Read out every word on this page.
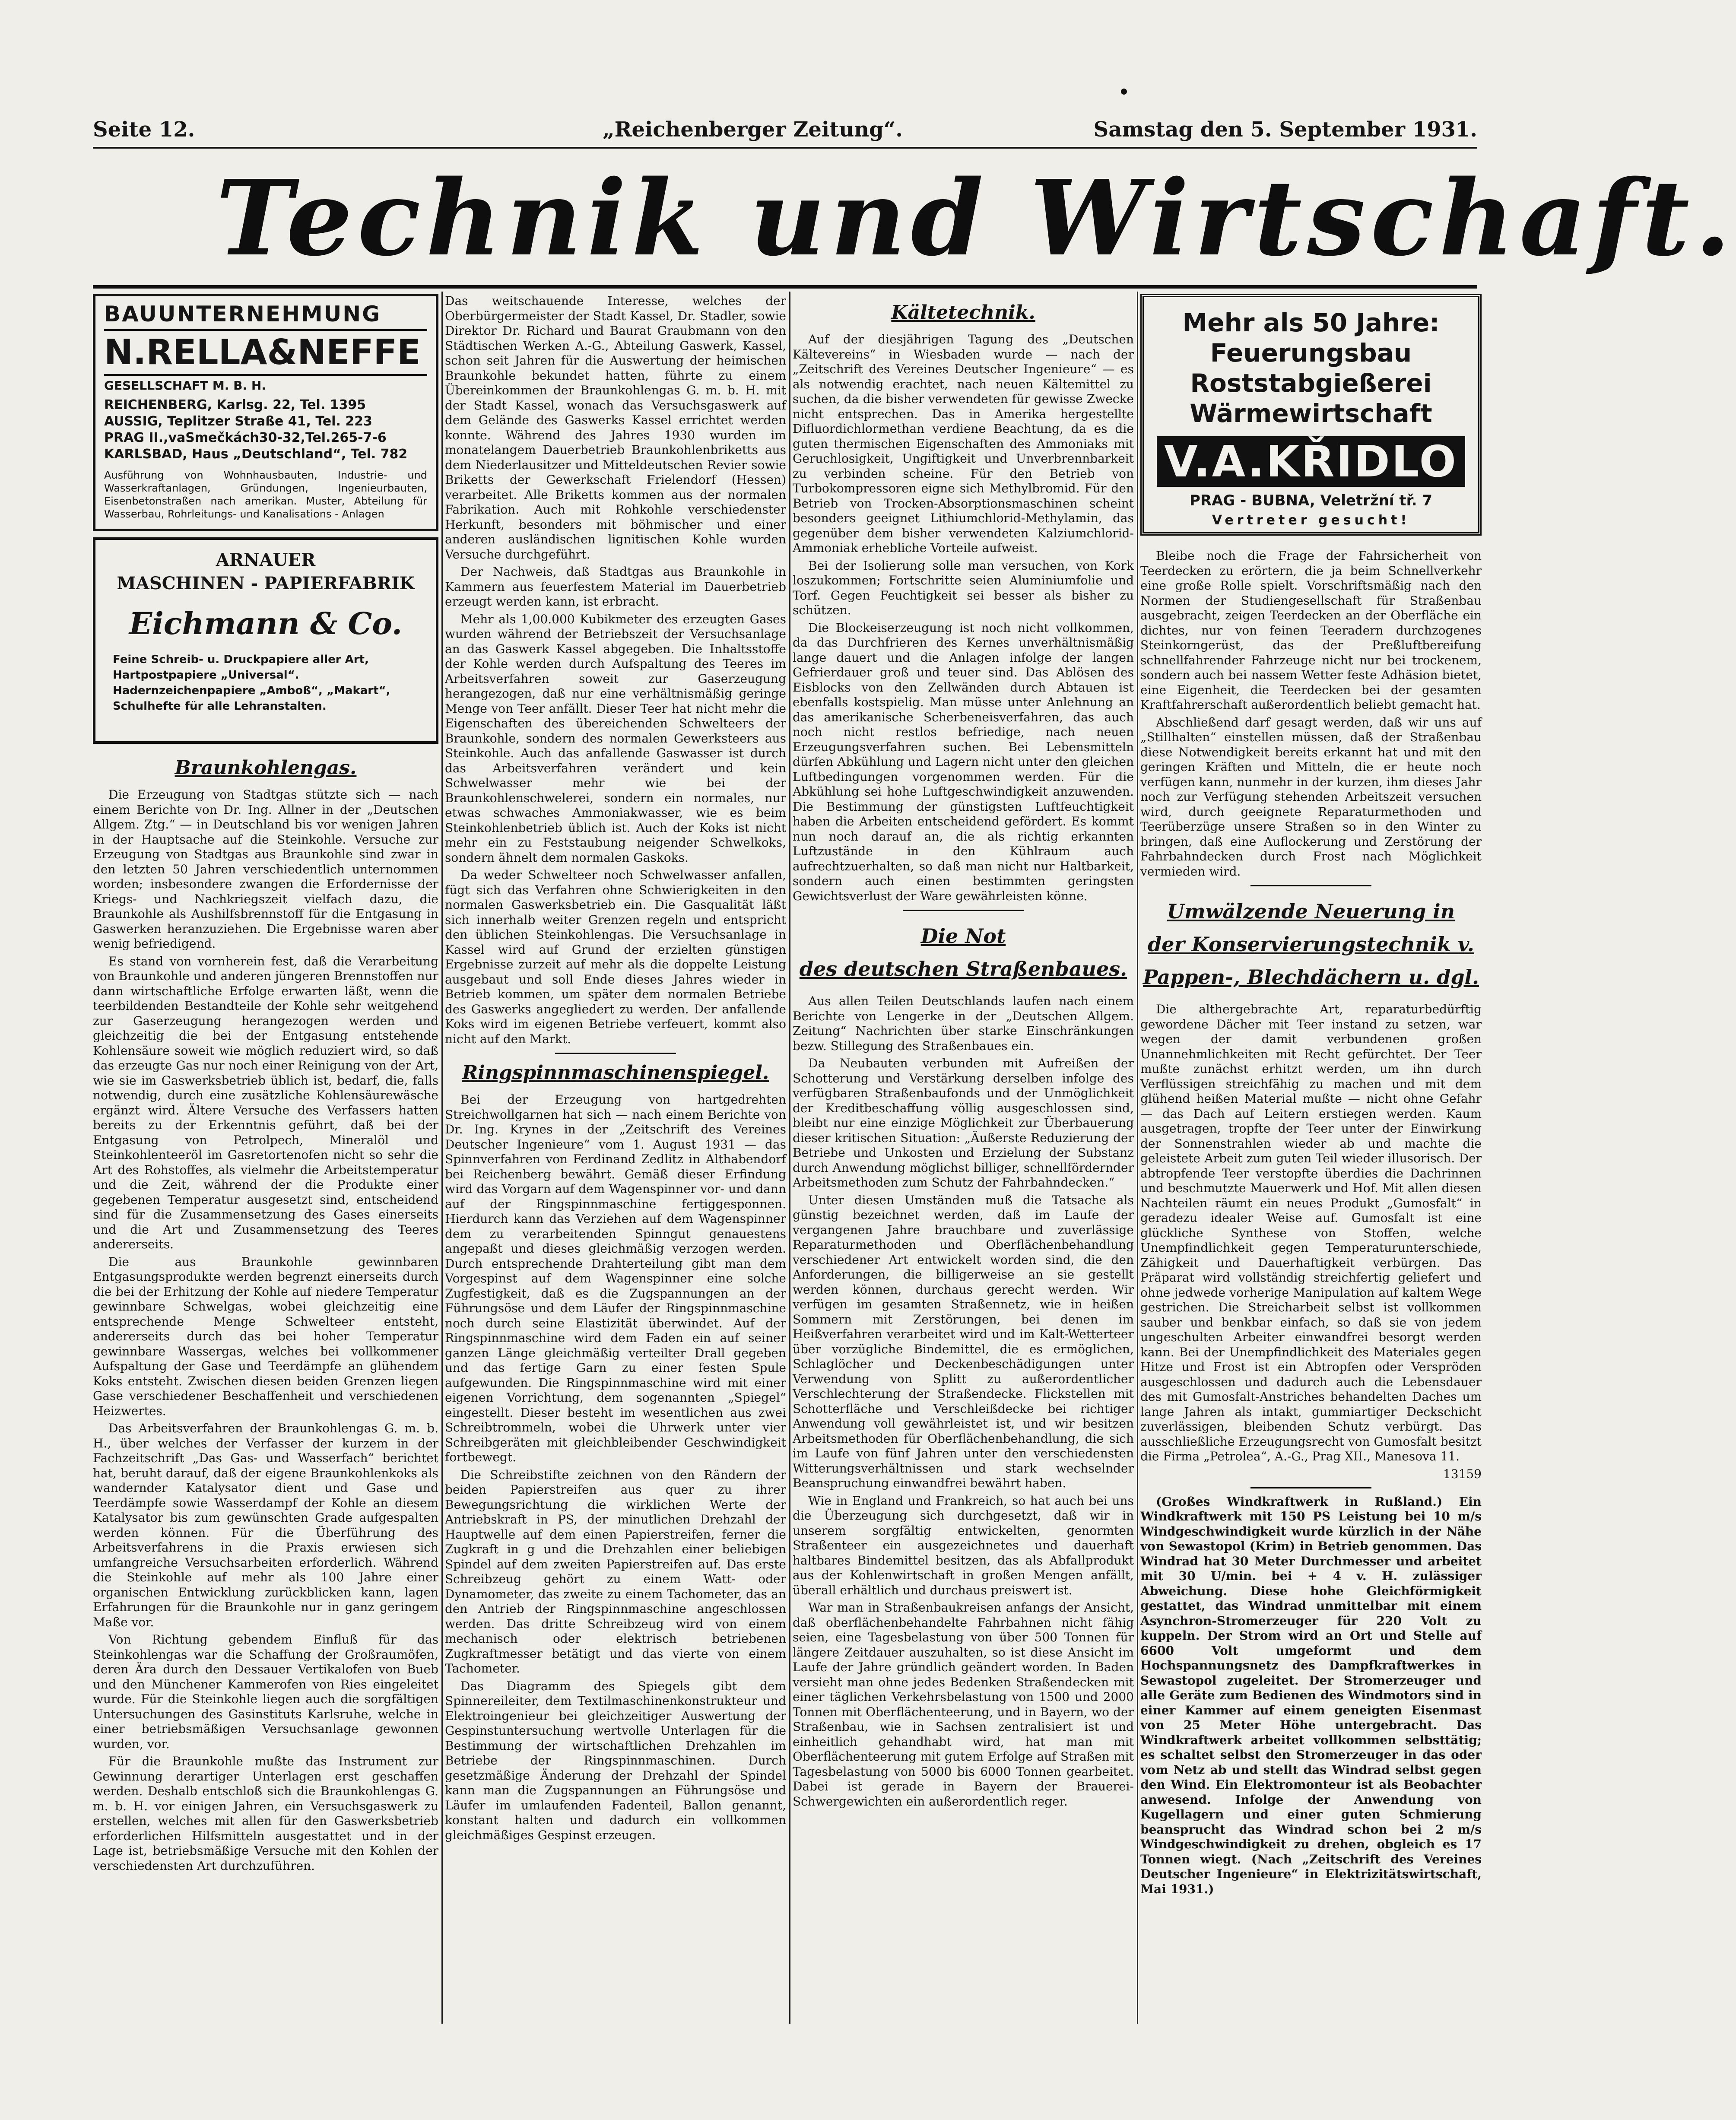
Seite 12.	„Reichenberger Zeitung“.	Samstag den 5. September 1931.
Technik und Wirtschaft.
BAUUNTERNEHMUNG
N.RELLA&NEFFE
GESELLSCHAFT M. B. H.
REICHENBERG, Karlsg. 22, Tel. 1395
AUSSIG, Teplitzer Straße 41, Tel. 223
PRAG II.,vaSmečkách30-32,Tel.265-7-6
KARLSBAD, Haus „Deutschland“, Tel. 782
Ausführung von Wohnhausbauten, Industrie- und Wasserkraftanlagen, Gründungen, Ingenieurbauten, Eisenbetonstraßen nach amerikan. Muster, Abteilung für Wasserbau, Rohrleitungs- und Kanalisations - Anlagen
ARNAUER
MASCHINEN - PAPIERFABRIK
Eichmann & Co.
Feine Schreib- u. Druckpapiere aller Art,
Hartpostpapiere „Universal“.
Hadernzeichenpapiere „Amboß“, „Makart“,
Schulhefte für alle Lehranstalten.
Braunkohlengas.

Die Erzeugung von Stadtgas stützte sich — nach einem Berichte von Dr. Ing. Allner in der „Deutschen Allgem. Ztg.“ — in Deutschland bis vor wenigen Jahren in der Hauptsache auf die Steinkohle. Versuche zur Erzeugung von Stadtgas aus Braunkohle sind zwar in den letzten 50 Jahren verschiedentlich unternommen worden; insbesondere zwangen die Erfordernisse der Kriegs- und Nachkriegszeit vielfach dazu, die Braunkohle als Aushilfsbrennstoff für die Entgasung in Gaswerken heranzuziehen. Die Ergebnisse waren aber wenig befriedigend.

Es stand von vornherein fest, daß die Verarbeitung von Braunkohle und anderen jüngeren Brennstoffen nur dann wirtschaftliche Erfolge erwarten läßt, wenn die teerbildenden Bestandteile der Kohle sehr weitgehend zur Gaserzeugung herangezogen werden und gleichzeitig die bei der Entgasung entstehende Kohlensäure soweit wie möglich reduziert wird, so daß das erzeugte Gas nur noch einer Reinigung von der Art, wie sie im Gaswerksbetrieb üblich ist, bedarf, die, falls notwendig, durch eine zusätzliche Kohlensäurewäsche ergänzt wird. Ältere Versuche des Verfassers hatten bereits zu der Erkenntnis geführt, daß bei der Entgasung von Petrolpech, Mineralöl und Steinkohlenteeröl im Gasretortenofen nicht so sehr die Art des Rohstoffes, als vielmehr die Arbeitstemperatur und die Zeit, während der die Produkte einer gegebenen Temperatur ausgesetzt sind, entscheidend sind für die Zusammensetzung des Gases einerseits und die Art und Zusammensetzung des Teeres andererseits.

Die aus Braunkohle gewinnbaren Entgasungsprodukte werden begrenzt einerseits durch die bei der Erhitzung der Kohle auf niedere Temperatur gewinnbare Schwelgas, wobei gleichzeitig eine entsprechende Menge Schwelteer entsteht, andererseits durch das bei hoher Temperatur gewinnbare Wassergas, welches bei vollkommener Aufspaltung der Gase und Teerdämpfe an glühendem Koks entsteht. Zwischen diesen beiden Grenzen liegen Gase verschiedener Beschaffenheit und verschiedenen Heizwertes.

Das Arbeitsverfahren der Braunkohlengas G. m. b. H., über welches der Verfasser der kurzem in der Fachzeitschrift „Das Gas- und Wasserfach“ berichtet hat, beruht darauf, daß der eigene Braunkohlenkoks als wandernder Katalysator dient und Gase und Teerdämpfe sowie Wasserdampf der Kohle an diesem Katalysator bis zum gewünschten Grade aufgespalten werden können. Für die Überführung des Arbeitsverfahrens in die Praxis erwiesen sich umfangreiche Versuchsarbeiten erforderlich. Während die Steinkohle auf mehr als 100 Jahre einer organischen Entwicklung zurückblicken kann, lagen Erfahrungen für die Braunkohle nur in ganz geringem Maße vor.

Von Richtung gebendem Einfluß für das Steinkohlengas war die Schaffung der Großraumöfen, deren Ära durch den Dessauer Vertikalofen von Bueb und den Münchener Kammerofen von Ries eingeleitet wurde. Für die Steinkohle liegen auch die sorgfältigen Untersuchungen des Gasinstituts Karlsruhe, welche in einer betriebsmäßigen Versuchsanlage gewonnen wurden, vor.

Für die Braunkohle mußte das Instrument zur Gewinnung derartiger Unterlagen erst geschaffen werden. Deshalb entschloß sich die Braunkohlengas G. m. b. H. vor einigen Jahren, ein Versuchsgaswerk zu erstellen, welches mit allen für den Gaswerksbetrieb erforderlichen Hilfsmitteln ausgestattet und in der Lage ist, betriebsmäßige Versuche mit den Kohlen der verschiedensten Art durchzuführen.

Das weitschauende Interesse, welches der Oberbürgermeister der Stadt Kassel, Dr. Stadler, sowie Direktor Dr. Richard und Baurat Graubmann von den Städtischen Werken A.-G., Abteilung Gaswerk, Kassel, schon seit Jahren für die Auswertung der heimischen Braunkohle bekundet hatten, führte zu einem Übereinkommen der Braunkohlengas G. m. b. H. mit der Stadt Kassel, wonach das Versuchsgaswerk auf dem Gelände des Gaswerks Kassel errichtet werden konnte. Während des Jahres 1930 wurden im monatelangem Dauerbetrieb Braunkohlenbriketts aus dem Niederlausitzer und Mitteldeutschen Revier sowie Briketts der Gewerkschaft Frielendorf (Hessen) verarbeitet. Alle Briketts kommen aus der normalen Fabrikation. Auch mit Rohkohle verschiedenster Herkunft, besonders mit böhmischer und einer anderen ausländischen lignitischen Kohle wurden Versuche durchgeführt.

Der Nachweis, daß Stadtgas aus Braunkohle in Kammern aus feuerfestem Material im Dauerbetrieb erzeugt werden kann, ist erbracht.

Mehr als 1,00.000 Kubikmeter des erzeugten Gases wurden während der Betriebszeit der Versuchsanlage an das Gaswerk Kassel abgegeben. Die Inhaltsstoffe der Kohle werden durch Aufspaltung des Teeres im Arbeitsverfahren soweit zur Gaserzeugung herangezogen, daß nur eine verhältnismäßig geringe Menge von Teer anfällt. Dieser Teer hat nicht mehr die Eigenschaften des übereichenden Schwelteers der Braunkohle, sondern des normalen Gewerksteers aus Steinkohle. Auch das anfallende Gaswasser ist durch das Arbeitsverfahren verändert und kein Schwelwasser mehr wie bei der Braunkohlenschwelerei, sondern ein normales, nur etwas schwaches Ammoniakwasser, wie es beim Steinkohlenbetrieb üblich ist. Auch der Koks ist nicht mehr ein zu Feststaubung neigender Schwelkoks, sondern ähnelt dem normalen Gaskoks.

Da weder Schwelteer noch Schwelwasser anfallen, fügt sich das Verfahren ohne Schwierigkeiten in den normalen Gaswerksbetrieb ein. Die Gasqualität läßt sich innerhalb weiter Grenzen regeln und entspricht den üblichen Steinkohlengas. Die Versuchsanlage in Kassel wird auf Grund der erzielten günstigen Ergebnisse zurzeit auf mehr als die doppelte Leistung ausgebaut und soll Ende dieses Jahres wieder in Betrieb kommen, um später dem normalen Betriebe des Gaswerks angegliedert zu werden. Der anfallende Koks wird im eigenen Betriebe verfeuert, kommt also nicht auf den Markt.

Ringspinnmaschinenspiegel.

Bei der Erzeugung von hartgedrehten Streichwollgarnen hat sich — nach einem Berichte von Dr. Ing. Krynes in der „Zeitschrift des Vereines Deutscher Ingenieure“ vom 1. August 1931 — das Spinnverfahren von Ferdinand Zedlitz in Althabendorf bei Reichenberg bewährt. Gemäß dieser Erfindung wird das Vorgarn auf dem Wagenspinner vor- und dann auf der Ringspinnmaschine fertiggesponnen. Hierdurch kann das Verziehen auf dem Wagenspinner dem zu verarbeitenden Spinngut genauestens angepaßt und dieses gleichmäßig verzogen werden. Durch entsprechende Drahterteilung gibt man dem Vorgespinst auf dem Wagenspinner eine solche Zugfestigkeit, daß es die Zugspannungen an der Führungsöse und dem Läufer der Ringspinnmaschine noch durch seine Elastizität überwindet. Auf der Ringspinnmaschine wird dem Faden ein auf seiner ganzen Länge gleichmäßig verteilter Drall gegeben und das fertige Garn zu einer festen Spule aufgewunden. Die Ringspinnmaschine wird mit einer eigenen Vorrichtung, dem sogenannten „Spiegel“ eingestellt. Dieser besteht im wesentlichen aus zwei Schreibtrommeln, wobei die Uhrwerk unter vier Schreibgeräten mit gleichbleibender Geschwindigkeit fortbewegt.

Die Schreibstifte zeichnen von den Rändern der beiden Papierstreifen aus quer zu ihrer Bewegungsrichtung die wirklichen Werte der Antriebskraft in PS, der minutlichen Drehzahl der Hauptwelle auf dem einen Papierstreifen, ferner die Zugkraft in g und die Drehzahlen einer beliebigen Spindel auf dem zweiten Papierstreifen auf. Das erste Schreibzeug gehört zu einem Watt- oder Dynamometer, das zweite zu einem Tachometer, das an den Antrieb der Ringspinnmaschine angeschlossen werden. Das dritte Schreibzeug wird von einem mechanisch oder elektrisch betriebenen Zugkraftmesser betätigt und das vierte von einem Tachometer.

Das Diagramm des Spiegels gibt dem Spinnereileiter, dem Textilmaschinenkonstrukteur und Elektroingenieur bei gleichzeitiger Auswertung der Gespinstuntersuchung wertvolle Unterlagen für die Bestimmung der wirtschaftlichen Drehzahlen im Betriebe der Ringspinnmaschinen. Durch gesetzmäßige Änderung der Drehzahl der Spindel kann man die Zugspannungen an Führungsöse und Läufer im umlaufenden Fadenteil, Ballon genannt, konstant halten und dadurch ein vollkommen gleichmäßiges Gespinst erzeugen.

Kältetechnik.

Auf der diesjährigen Tagung des „Deutschen Kältevereins“ in Wiesbaden wurde — nach der „Zeitschrift des Vereines Deutscher Ingenieure“ — es als notwendig erachtet, nach neuen Kältemittel zu suchen, da die bisher verwendeten für gewisse Zwecke nicht entsprechen. Das in Amerika hergestellte Difluordichlormethan verdiene Beachtung, da es die guten thermischen Eigenschaften des Ammoniaks mit Geruchlosigkeit, Ungiftigkeit und Unverbrennbarkeit zu verbinden scheine. Für den Betrieb von Turbokompressoren eigne sich Methylbromid. Für den Betrieb von Trocken-Absorptionsmaschinen scheint besonders geeignet Lithiumchlorid-Methylamin, das gegenüber dem bisher verwendeten Kalziumchlorid-Ammoniak erhebliche Vorteile aufweist.

Bei der Isolierung solle man versuchen, von Kork loszukommen; Fortschritte seien Aluminiumfolie und Torf. Gegen Feuchtigkeit sei besser als bisher zu schützen.

Die Blockeiserzeugung ist noch nicht vollkommen, da das Durchfrieren des Kernes unverhältnismäßig lange dauert und die Anlagen infolge der langen Gefrierdauer groß und teuer sind. Das Ablösen des Eisblocks von den Zellwänden durch Abtauen ist ebenfalls kostspielig. Man müsse unter Anlehnung an das amerikanische Scherbeneisverfahren, das auch noch nicht restlos befriedige, nach neuen Erzeugungsverfahren suchen. Bei Lebensmitteln dürfen Abkühlung und Lagern nicht unter den gleichen Luftbedingungen vorgenommen werden. Für die Abkühlung sei hohe Luftgeschwindigkeit anzuwenden. Die Bestimmung der günstigsten Luftfeuchtigkeit haben die Arbeiten entscheidend gefördert. Es kommt nun noch darauf an, die als richtig erkannten Luftzustände in den Kühlraum auch aufrechtzuerhalten, so daß man nicht nur Haltbarkeit, sondern auch einen bestimmten geringsten Gewichtsverlust der Ware gewährleisten könne.

Die Not
des deutschen Straßenbaues.

Aus allen Teilen Deutschlands laufen nach einem Berichte von Lengerke in der „Deutschen Allgem. Zeitung“ Nachrichten über starke Einschränkungen bezw. Stillegung des Straßenbaues ein.

Da Neubauten verbunden mit Aufreißen der Schotterung und Verstärkung derselben infolge des verfügbaren Straßenbaufonds und der Unmöglichkeit der Kreditbeschaffung völlig ausgeschlossen sind, bleibt nur eine einzige Möglichkeit zur Überbauerung dieser kritischen Situation: „Äußerste Reduzierung der Betriebe und Unkosten und Erzielung der Substanz durch Anwendung möglichst billiger, schnellfördernder Arbeitsmethoden zum Schutz der Fahrbahndecken.“

Unter diesen Umständen muß die Tatsache als günstig bezeichnet werden, daß im Laufe der vergangenen Jahre brauchbare und zuverlässige Reparaturmethoden und Oberflächenbehandlung verschiedener Art entwickelt worden sind, die den Anforderungen, die billigerweise an sie gestellt werden können, durchaus gerecht werden. Wir verfügen im gesamten Straßennetz, wie in heißen Sommern mit Zerstörungen, bei denen im Heißverfahren verarbeitet wird und im Kalt-Wetterteer über vorzügliche Bindemittel, die es ermöglichen, Schlaglöcher und Deckenbeschädigungen unter Verwendung von Splitt zu außerordentlicher Verschlechterung der Straßendecke. Flickstellen mit Schotterfläche und Verschleißdecke bei richtiger Anwendung voll gewährleistet ist, und wir besitzen Arbeitsmethoden für Oberflächenbehandlung, die sich im Laufe von fünf Jahren unter den verschiedensten Witterungsverhältnissen und stark wechselnder Beanspruchung einwandfrei bewährt haben.

Wie in England und Frankreich, so hat auch bei uns die Überzeugung sich durchgesetzt, daß wir in unserem sorgfältig entwickelten, genormten Straßenteer ein ausgezeichnetes und dauerhaft haltbares Bindemittel besitzen, das als Abfallprodukt aus der Kohlenwirtschaft in großen Mengen anfällt, überall erhältlich und durchaus preiswert ist.

War man in Straßenbaukreisen anfangs der Ansicht, daß oberflächenbehandelte Fahrbahnen nicht fähig seien, eine Tagesbelastung von über 500 Tonnen für längere Zeitdauer auszuhalten, so ist diese Ansicht im Laufe der Jahre gründlich geändert worden. In Baden versieht man ohne jedes Bedenken Straßendecken mit einer täglichen Verkehrsbelastung von 1500 und 2000 Tonnen mit Oberflächenteerung, und in Bayern, wo der Straßenbau, wie in Sachsen zentralisiert ist und einheitlich gehandhabt wird, hat man mit Oberflächenteerung mit gutem Erfolge auf Straßen mit Tagesbelastung von 5000 bis 6000 Tonnen gearbeitet. Dabei ist gerade in Bayern der Brauerei-Schwergewichten ein außerordentlich reger.

Mehr als 50 Jahre:
Feuerungsbau
Roststabgießerei
Wärmewirtschaft
V.A.KŘIDLO
PRAG - BUBNA, Veletržní tř. 7
Vertreter gesucht!

Bleibe noch die Frage der Fahrsicherheit von Teerdecken zu erörtern, die ja beim Schnellverkehr eine große Rolle spielt. Vorschriftsmäßig nach den Normen der Studiengesellschaft für Straßenbau ausgebracht, zeigen Teerdecken an der Oberfläche ein dichtes, nur von feinen Teeradern durchzogenes Steinkorngerüst, das der Preßluftbereifung schnellfahrender Fahrzeuge nicht nur bei trockenem, sondern auch bei nassem Wetter feste Adhäsion bietet, eine Eigenheit, die Teerdecken bei der gesamten Kraftfahrerschaft außerordentlich beliebt gemacht hat.

Abschließend darf gesagt werden, daß wir uns auf „Stillhalten“ einstellen müssen, daß der Straßenbau diese Notwendigkeit bereits erkannt hat und mit den geringen Kräften und Mitteln, die er heute noch verfügen kann, nunmehr in der kurzen, ihm dieses Jahr noch zur Verfügung stehenden Arbeitszeit versuchen wird, durch geeignete Reparaturmethoden und Teerüberzüge unsere Straßen so in den Winter zu bringen, daß eine Auflockerung und Zerstörung der Fahrbahndecken durch Frost nach Möglichkeit vermieden wird.

Umwälzende Neuerung in
der Konservierungstechnik v.
Pappen-, Blechdächern u. dgl.

Die althergebrachte Art, reparaturbedürftig gewordene Dächer mit Teer instand zu setzen, war wegen der damit verbundenen großen Unannehmlichkeiten mit Recht gefürchtet. Der Teer mußte zunächst erhitzt werden, um ihn durch Verflüssigen streichfähig zu machen und mit dem glühend heißen Material mußte — nicht ohne Gefahr — das Dach auf Leitern erstiegen werden. Kaum ausgetragen, tropfte der Teer unter der Einwirkung der Sonnenstrahlen wieder ab und machte die geleistete Arbeit zum guten Teil wieder illusorisch. Der abtropfende Teer verstopfte überdies die Dachrinnen und beschmutzte Mauerwerk und Hof. Mit allen diesen Nachteilen räumt ein neues Produkt „Gumosfalt“ in geradezu idealer Weise auf. Gumosfalt ist eine glückliche Synthese von Stoffen, welche Unempfindlichkeit gegen Temperaturunterschiede, Zähigkeit und Dauerhaftigkeit verbürgen. Das Präparat wird vollständig streichfertig geliefert und ohne jedwede vorherige Manipulation auf kaltem Wege gestrichen. Die Streicharbeit selbst ist vollkommen sauber und benkbar einfach, so daß sie von jedem ungeschulten Arbeiter einwandfrei besorgt werden kann. Bei der Unempfindlichkeit des Materiales gegen Hitze und Frost ist ein Abtropfen oder Verspröden ausgeschlossen und dadurch auch die Lebensdauer des mit Gumosfalt-Anstriches behandelten Daches um lange Jahren als intakt, gummiartiger Deckschicht zuverlässigen, bleibenden Schutz verbürgt. Das ausschließliche Erzeugungsrecht von Gumosfalt besitzt die Firma „Petrolea“, A.-G., Prag XII., Manesova 11.

13159

(Großes Windkraftwerk in Rußland.) Ein Windkraftwerk mit 150 PS Leistung bei 10 m/s Windgeschwindigkeit wurde kürzlich in der Nähe von Sewastopol (Krim) in Betrieb genommen. Das Windrad hat 30 Meter Durchmesser und arbeitet mit 30 U/min. bei + 4 v. H. zulässiger Abweichung. Diese hohe Gleichförmigkeit gestattet, das Windrad unmittelbar mit einem Asynchron-Stromerzeuger für 220 Volt zu kuppeln. Der Strom wird an Ort und Stelle auf 6600 Volt umgeformt und dem Hochspannungsnetz des Dampfkraftwerkes in Sewastopol zugeleitet. Der Stromerzeuger und alle Geräte zum Bedienen des Windmotors sind in einer Kammer auf einem geneigten Eisenmast von 25 Meter Höhe untergebracht. Das Windkraftwerk arbeitet vollkommen selbsttätig; es schaltet selbst den Stromerzeuger in das oder vom Netz ab und stellt das Windrad selbst gegen den Wind. Ein Elektromonteur ist als Beobachter anwesend. Infolge der Anwendung von Kugellagern und einer guten Schmierung beansprucht das Windrad schon bei 2 m/s Windgeschwindigkeit zu drehen, obgleich es 17 Tonnen wiegt. (Nach „Zeitschrift des Vereines Deutscher Ingenieure“ in Elektrizitätswirtschaft, Mai 1931.)
